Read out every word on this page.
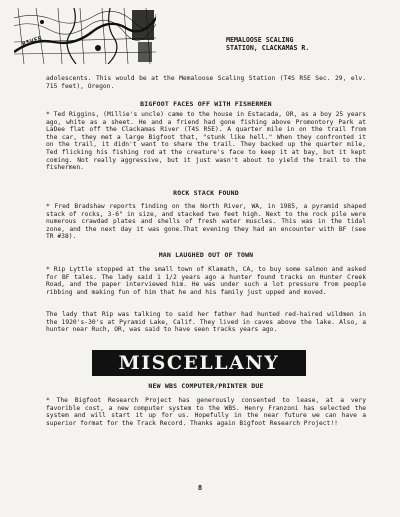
RIVER	MEMALOOSE SCALING
STATION, CLACKAMAS R.
adolescents. This would be at the Memaloose Scaling Station (T4S R5E Sec. 29, elv. 715 feet), Oregon.
BIGFOOT FACES OFF WITH FISHERMEN
* Ted Riggins, (Millie's uncle) came to the house in Estacada, OR, as a boy 25 years ago, white as a sheet. He and a friend had gone fishing above Promontory Park at LaDee flat off the Clackamas River (T4S R5E). A quarter mile in on the trail from the car, they met a large Bigfoot that, "stunk like hell." When they confronted it on the trail, it didn't want to share the trail. They backed up the quarter mile, Ted flicking his fishing rod at the creature's face to keep it at bay, but it kept coming. Not really aggressive, but it just wasn't about to yield the trail to the fishermen.
ROCK STACK FOUND
* Fred Bradshaw reports finding on the North River, WA, in 1985, a pyramid shaped stack of rocks, 3-6" in size, and stacked two feet high. Next to the rock pile were numerous crawdad plates and shells of fresh water muscles. This was in the tidal zone, and the next day it was gone.That evening they had an encounter with BF (see TR #38).
MAN LAUGHED OUT OF TOWN
* Rip Lyttle stopped at the small town of Klamath, CA, to buy some salmon and asked for BF tales. The lady said 1 1/2 years ago a hunter found tracks on Hunter Creek Road, and the paper interviewed him. He was under such a lot pressure from people ribbing and making fun of him that he and his family just upped and moved.
The lady that Rip was talking to said her father had hunted red-haired wildmen in the 1920's-30's at Pyramid Lake, Calif. They lived in caves above the lake. Also, a hunter near Ruch, OR, was said to have seen tracks years ago.
MISCELLANY
NEW WBS COMPUTER/PRINTER DUE
* The Bigfoot Research Project has generously consented to lease, at a very favorible cost, a new computer system to the WBS. Henry Franzoni has selected the system and will start it up for us. Hopefully in the near future we can have a superior format for the Track Record. Thanks again Bigfoot Research Project!!
8
